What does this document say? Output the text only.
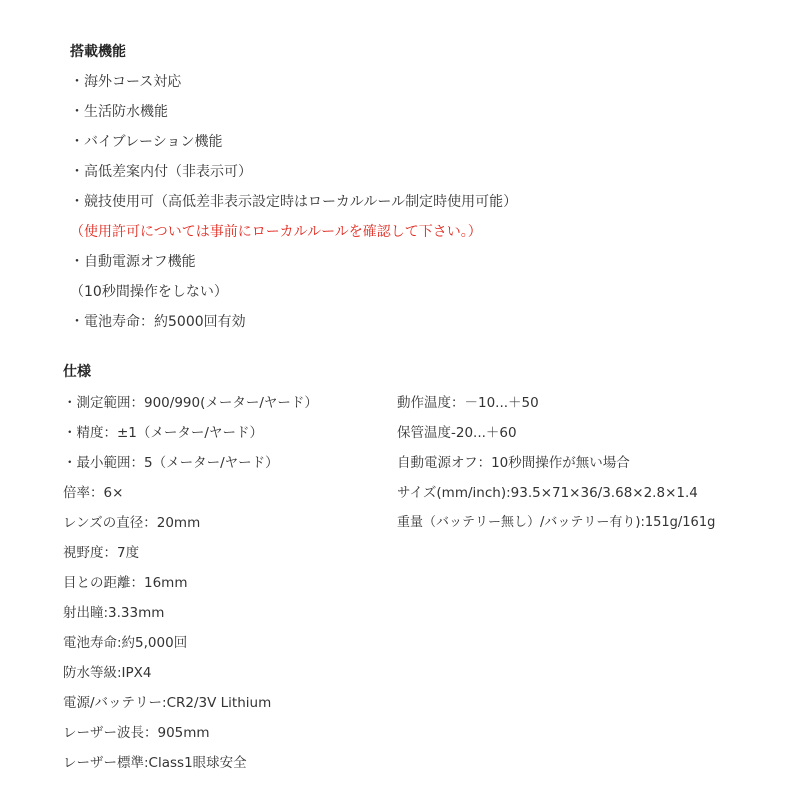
搭載機能
・海外コース対応
・生活防水機能
・バイブレーション機能
・高低差案内付（非表示可）
・競技使用可（高低差非表示設定時はローカルルール制定時使用可能）
（使用許可については事前にローカルルールを確認して下さい。）
・自動電源オフ機能
（10秒間操作をしない）
・電池寿命：約5000回有効
仕様
・測定範囲：900/990(メーター/ヤード）
・精度：±1（メーター/ヤード）
・最小範囲：5（メーター/ヤード）
倍率：6×
レンズの直径：20mm
視野度：7度
目との距離：16mm
射出瞳:3.33mm
電池寿命:約5,000回
防水等級:IPX4
電源/バッテリー:CR2/3V Lithium
レーザー波長：905mm
レーザー標準:Class1眼球安全
動作温度：－10...＋50
保管温度-20...＋60
自動電源オフ：10秒間操作が無い場合
サイズ(mm/inch):93.5×71×36/3.68×2.8×1.4
重量（バッテリー無し）/バッテリー有り):151g/161g
